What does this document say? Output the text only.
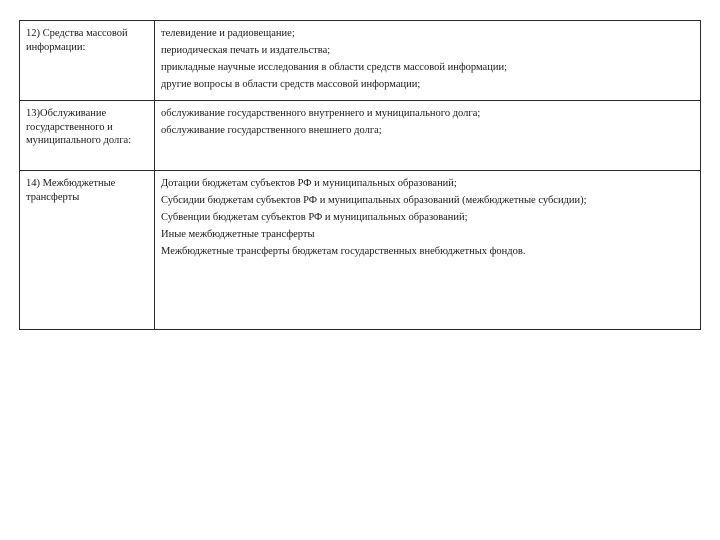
12) Средства массовой информации:	телевидение и радиовещание;
периодическая печать и издательства;
прикладные научные исследования в области средств массовой информации;
другие вопросы в области средств массовой информации;

13)Обслуживание государственного и муниципального долга:	обслуживание государственного внутреннего и муниципального долга;
обслуживание государственного внешнего долга;

14) Межбюджетные трансферты	Дотации бюджетам субъектов РФ и муниципальных образований;
Субсидии бюджетам субъектов РФ и муниципальных образований (межбюджетные субсидии);
Субвенции бюджетам субъектов РФ и муниципальных образований;
Иные межбюджетные трансферты
Межбюджетные трансферты бюджетам государственных внебюджетных фондов.
